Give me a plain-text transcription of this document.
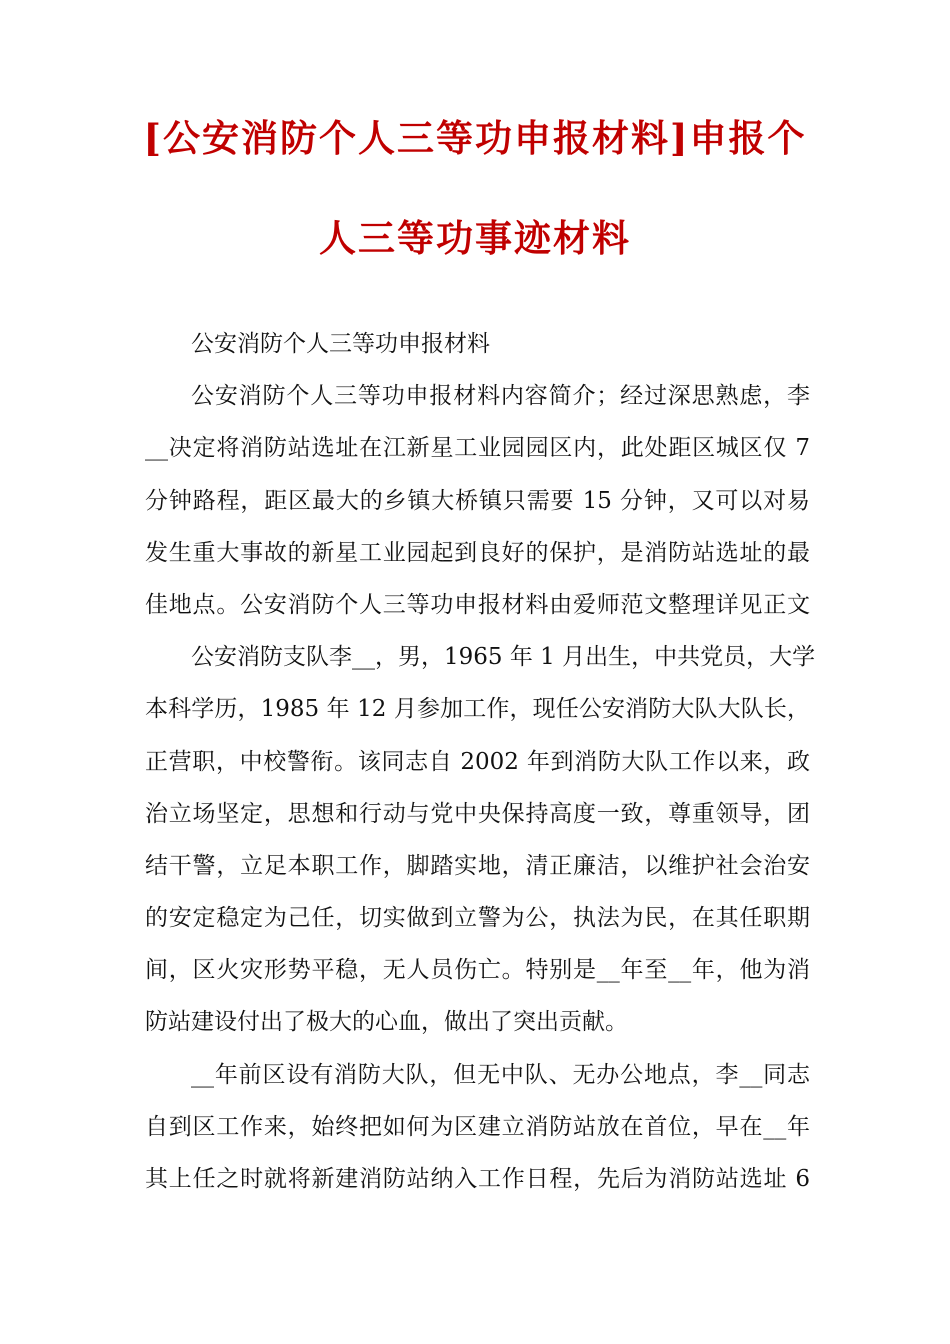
[公安消防个人三等功申报材料]申报个
人三等功事迹材料
公安消防个人三等功申报材料
公安消防个人三等功申报材料内容简介；经过深思熟虑，李
__决定将消防站选址在江新星工业园园区内，此处距区城区仅 7
分钟路程，距区最大的乡镇大桥镇只需要 15 分钟，又可以对易
发生重大事故的新星工业园起到良好的保护，是消防站选址的最
佳地点。公安消防个人三等功申报材料由爱师范文整理详见正文
公安消防支队李__，男，1965 年 1 月出生，中共党员，大学
本科学历，1985 年 12 月参加工作，现任公安消防大队大队长，
正营职，中校警衔。该同志自 2002 年到消防大队工作以来，政
治立场坚定，思想和行动与党中央保持高度一致，尊重领导，团
结干警，立足本职工作，脚踏实地，清正廉洁，以维护社会治安
的安定稳定为己任，切实做到立警为公，执法为民，在其任职期
间，区火灾形势平稳，无人员伤亡。特别是__年至__年，他为消
防站建设付出了极大的心血，做出了突出贡献。
__年前区设有消防大队，但无中队、无办公地点，李__同志
自到区工作来，始终把如何为区建立消防站放在首位，早在__年
其上任之时就将新建消防站纳入工作日程，先后为消防站选址 6
